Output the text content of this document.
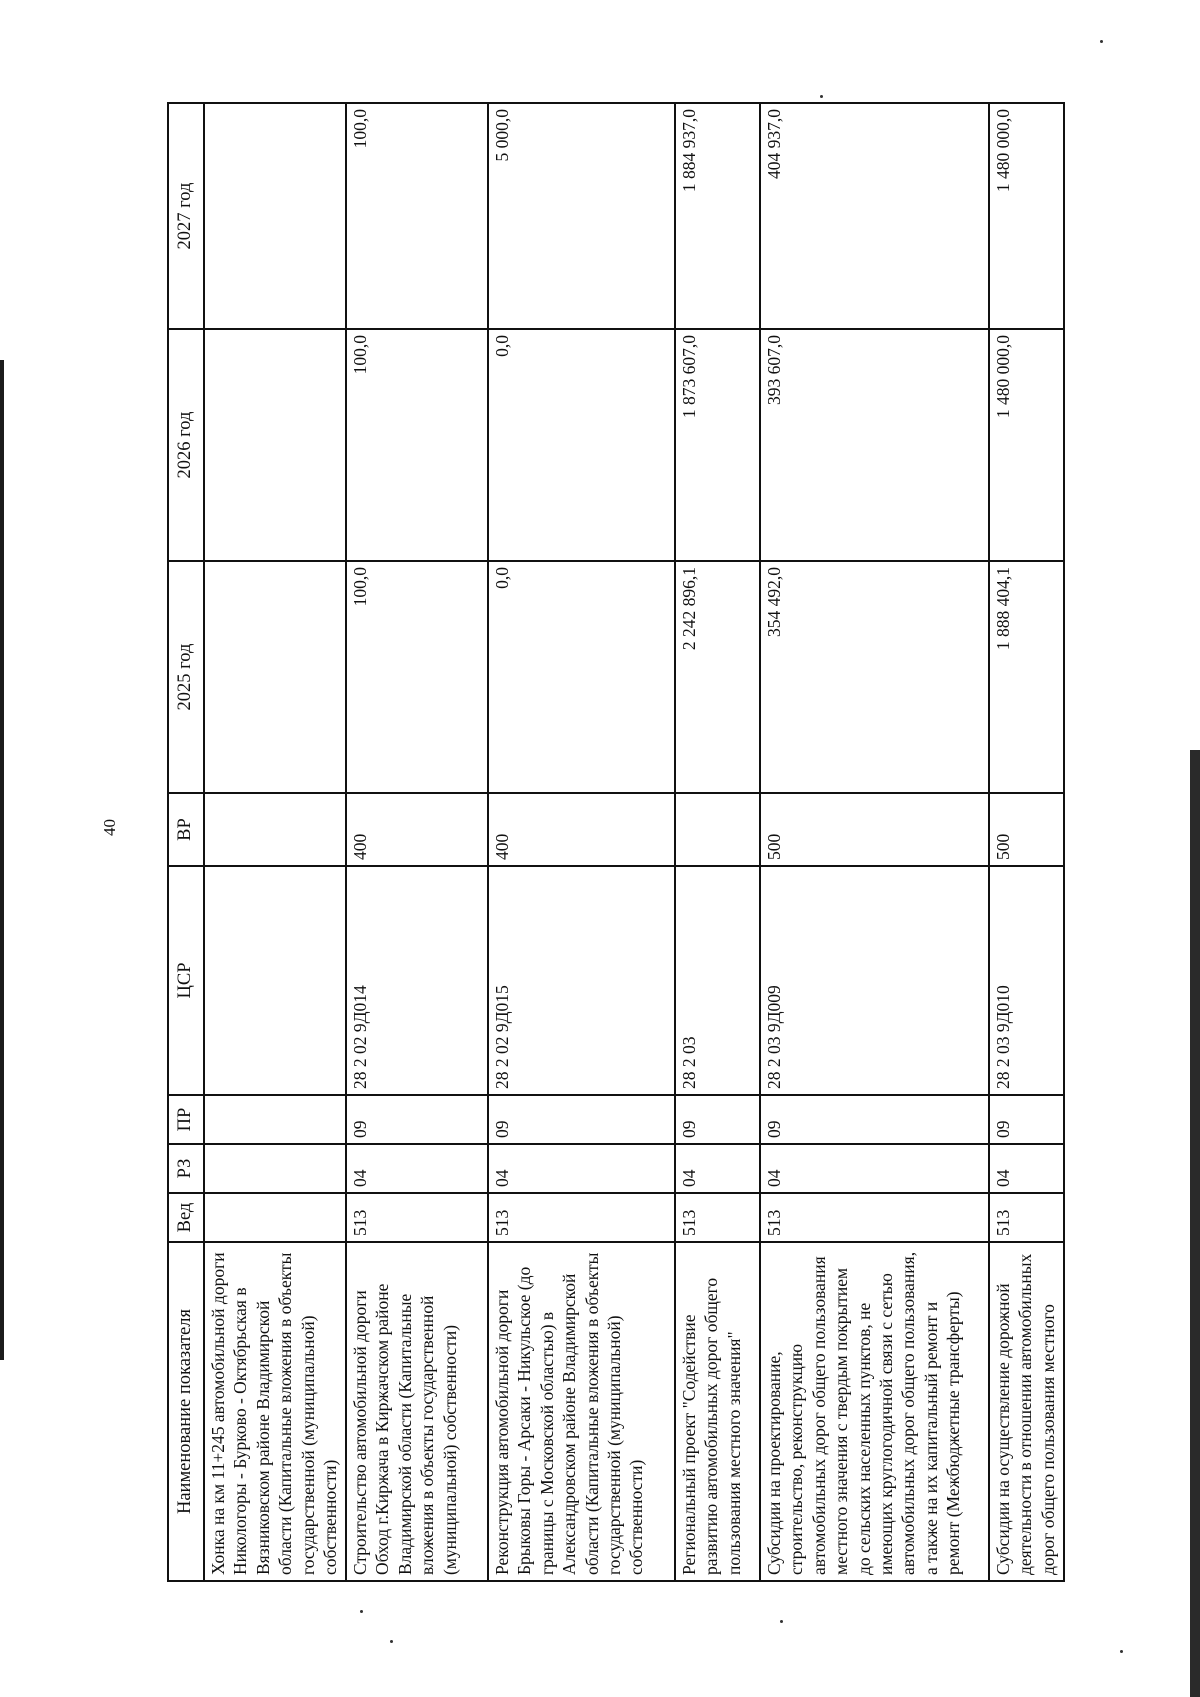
40
Наименование показателя	Вед	РЗ	ПР	ЦСР	ВР	2025 год	2026 год	2027 год
Хонка на км 11+245 автомобильной дороги Никологоры - Бурково - Октябрьская в Вязниковском районе Владимирской области (Капитальные вложения в объекты государственной (муниципальной) собственности)								
Строительство автомобильной дороги Обход г.Киржача в Киржачском районе Владимирской области (Капитальные вложения в объекты государственной (муниципальной) собственности)	513	04	09	28 2 02 9Д014	400	100,0	100,0	100,0
Реконструкция автомобильной дороги Брыковы Горы - Арсаки - Никульское (до границы с Московской областью) в Александровском районе Владимирской области (Капитальные вложения в объекты государственной (муниципальной) собственности)	513	04	09	28 2 02 9Д015	400	0,0	0,0	5 000,0
Региональный проект "Содействие развитию автомобильных дорог общего пользования местного значения"	513	04	09	28 2 03		2 242 896,1	1 873 607,0	1 884 937,0
Субсидии на проектирование, строительство, реконструкцию автомобильных дорог общего пользования местного значения с твердым покрытием до сельских населенных пунктов, не имеющих круглогодичной связи с сетью автомобильных дорог общего пользования, а также на их капитальный ремонт и ремонт (Межбюджетные трансферты)	513	04	09	28 2 03 9Д009	500	354 492,0	393 607,0	404 937,0
Субсидии на осуществление дорожной деятельности в отношении автомобильных дорог общего пользования местного	513	04	09	28 2 03 9Д010	500	1 888 404,1	1 480 000,0	1 480 000,0
